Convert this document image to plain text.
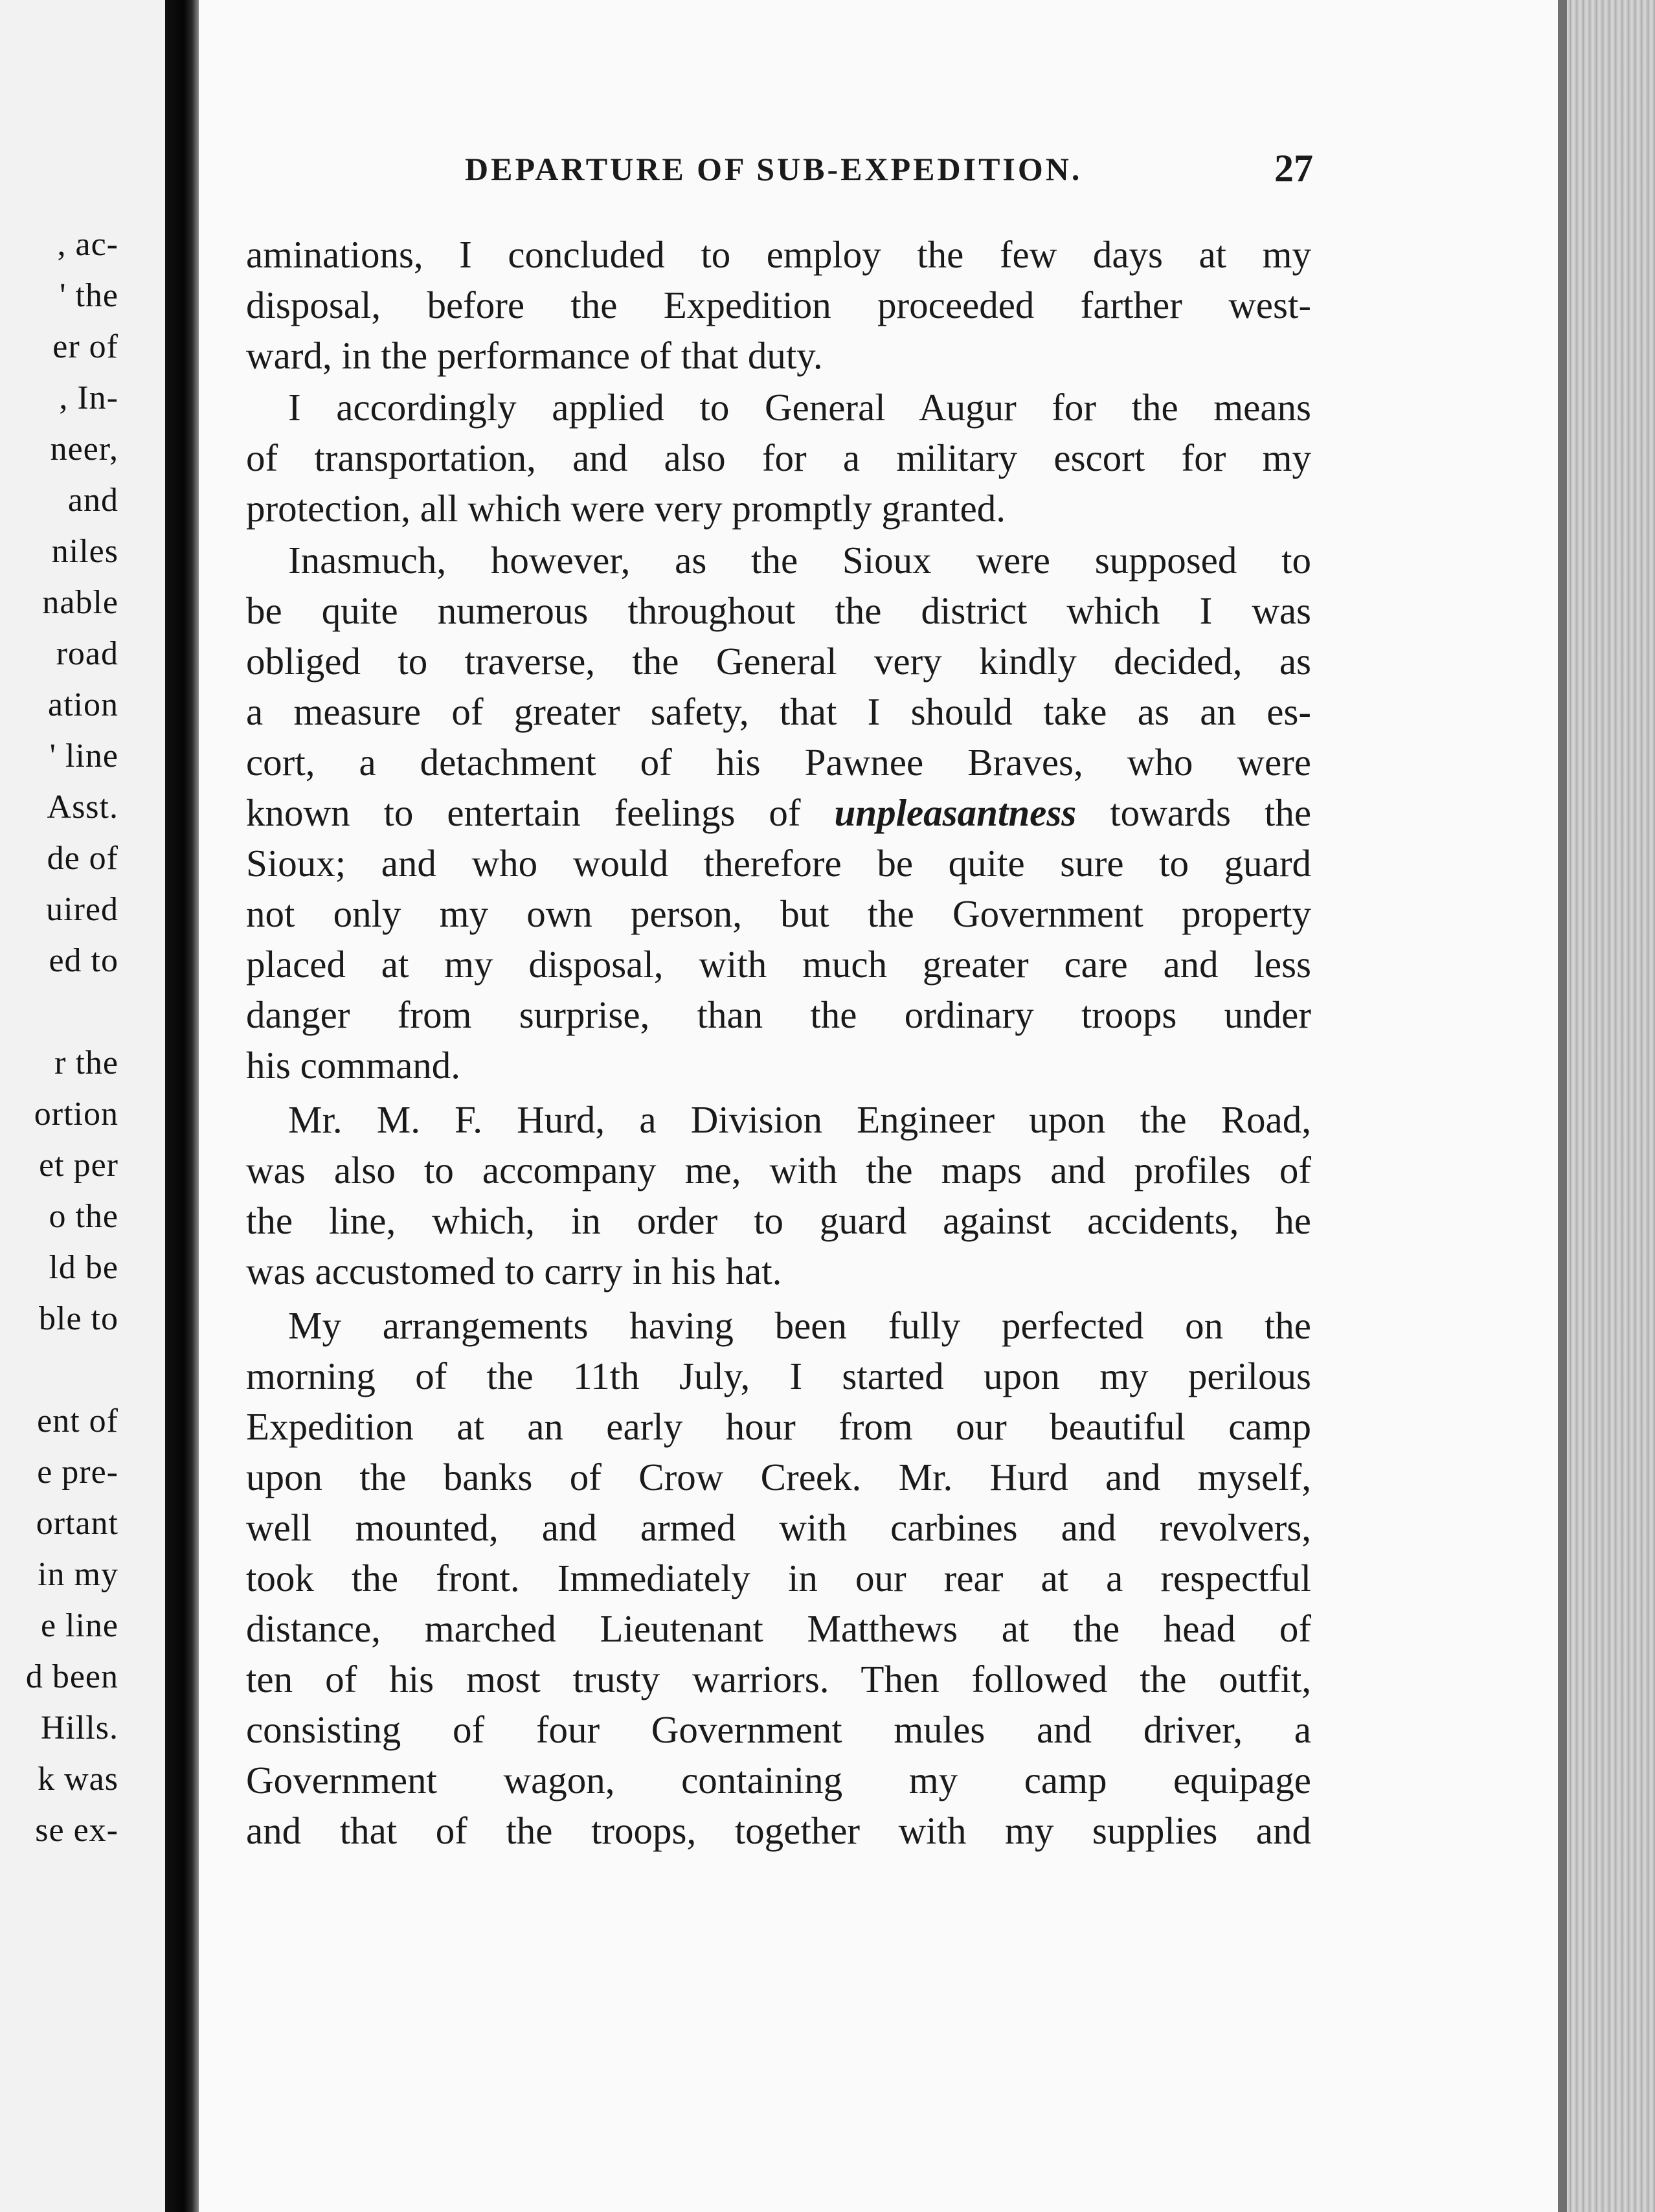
, ac-
' the
er of
, In-
neer,
and
niles
nable
road
ation
' line
Asst.
de of
uired
ed to
r the
ortion
et per
o the
ld be
ble to
ent of
e pre-
ortant
in my
e line
d been
Hills.
k was
se ex-
DEPARTURE OF SUB-EXPEDITION.	27
aminations, I concluded to employ the few days at my
disposal, before the Expedition proceeded farther west-
ward, in the performance of that duty.
I accordingly applied to General Augur for the means
of transportation, and also for a military escort for my
protection, all which were very promptly granted.
Inasmuch, however, as the Sioux were supposed to
be quite numerous throughout the district which I was
obliged to traverse, the General very kindly decided, as
a measure of greater safety, that I should take as an es-
cort, a detachment of his Pawnee Braves, who were
known to entertain feelings of unpleasantness towards the
Sioux; and who would therefore be quite sure to guard
not only my own person, but the Government property
placed at my disposal, with much greater care and less
danger from surprise, than the ordinary troops under
his command.
Mr. M. F. Hurd, a Division Engineer upon the Road,
was also to accompany me, with the maps and profiles of
the line, which, in order to guard against accidents, he
was accustomed to carry in his hat.
My arrangements having been fully perfected on the
morning of the 11th July, I started upon my perilous
Expedition at an early hour from our beautiful camp
upon the banks of Crow Creek. Mr. Hurd and myself,
well mounted, and armed with carbines and revolvers,
took the front. Immediately in our rear at a respectful
distance, marched Lieutenant Matthews at the head of
ten of his most trusty warriors. Then followed the outfit,
consisting of four Government mules and driver, a
Government wagon, containing my camp equipage
and that of the troops, together with my supplies and
